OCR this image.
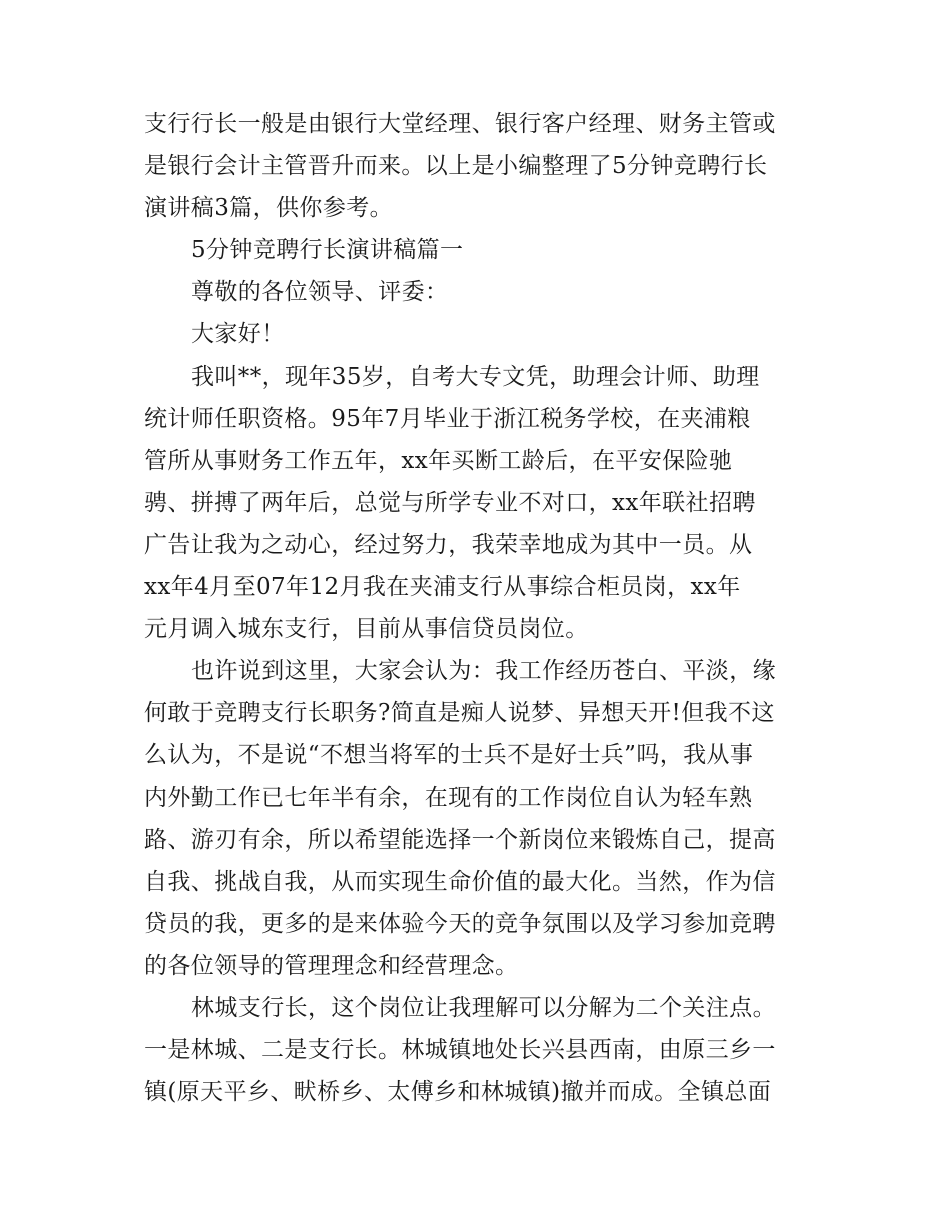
支行行长一般是由银行大堂经理、银行客户经理、财务主管或
是银行会计主管晋升而来。以上是小编整理了5分钟竞聘行长
演讲稿3篇，供你参考。
5分钟竞聘行长演讲稿篇一
尊敬的各位领导、评委：
大家好！
我叫**，现年35岁，自考大专文凭，助理会计师、助理
统计师任职资格。95年7月毕业于浙江税务学校，在夹浦粮
管所从事财务工作五年，xx年买断工龄后，在平安保险驰
骋、拼搏了两年后，总觉与所学专业不对口，xx年联社招聘
广告让我为之动心，经过努力，我荣幸地成为其中一员。从
xx年4月至07年12月我在夹浦支行从事综合柜员岗，xx年
元月调入城东支行，目前从事信贷员岗位。
也许说到这里，大家会认为：我工作经历苍白、平淡，缘
何敢于竞聘支行长职务?简直是痴人说梦、异想天开!但我不这
么认为，不是说“不想当将军的士兵不是好士兵”吗，我从事
内外勤工作已七年半有余，在现有的工作岗位自认为轻车熟
路、游刃有余，所以希望能选择一个新岗位来锻炼自己，提高
自我、挑战自我，从而实现生命价值的最大化。当然，作为信
贷员的我，更多的是来体验今天的竞争氛围以及学习参加竞聘
的各位领导的管理理念和经营理念。
林城支行长，这个岗位让我理解可以分解为二个关注点。
一是林城、二是支行长。林城镇地处长兴县西南，由原三乡一
镇(原天平乡、畎桥乡、太傅乡和林城镇)撤并而成。全镇总面
